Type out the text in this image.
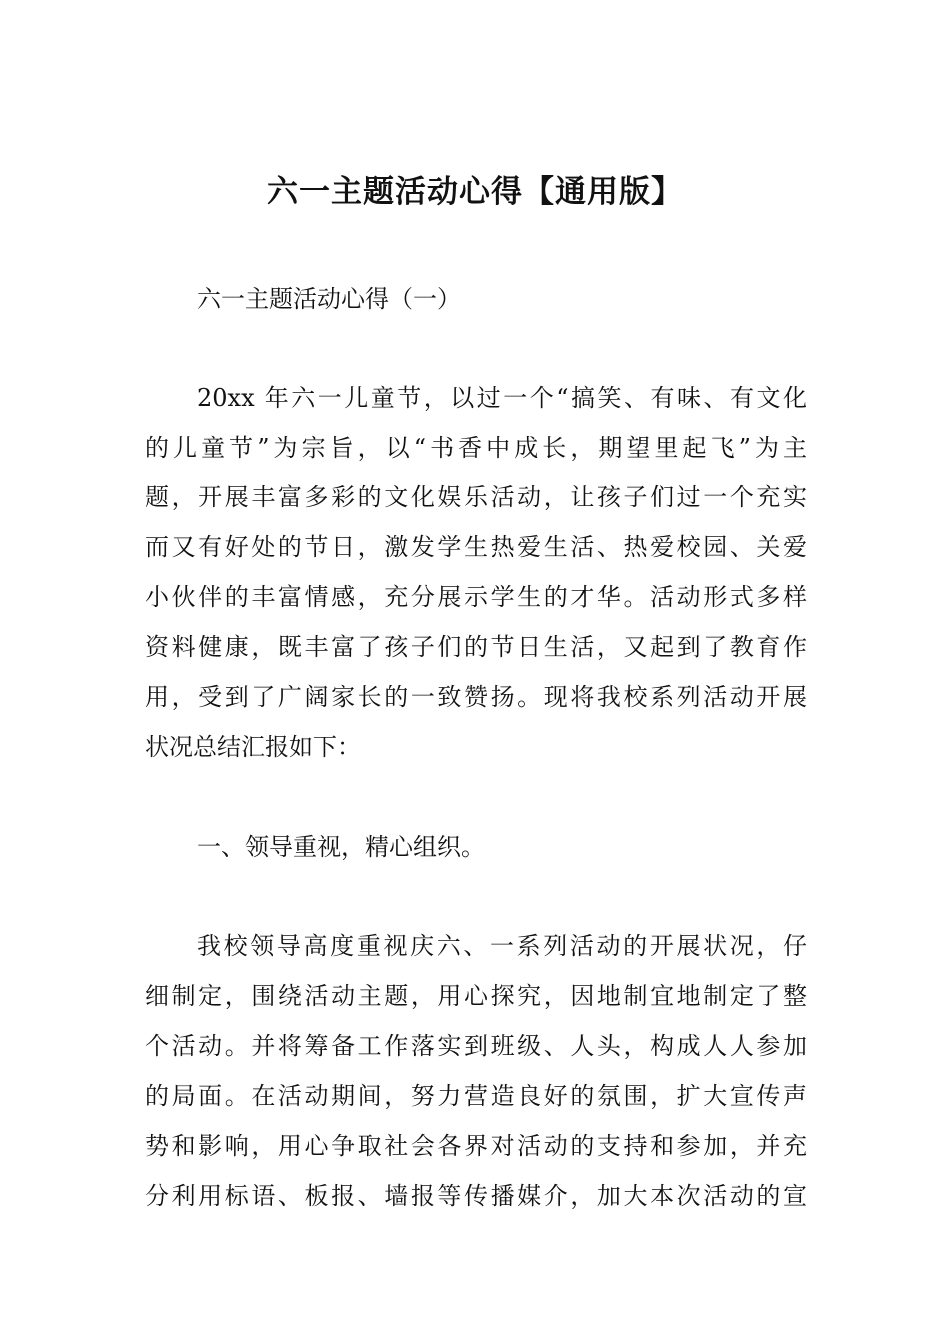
六一主题活动心得【通用版】
六一主题活动心得（一）
20xx 年六一儿童节，以过一个“搞笑、有味、有文化
的儿童节”为宗旨，以“书香中成长，期望里起飞”为主
题，开展丰富多彩的文化娱乐活动，让孩子们过一个充实
而又有好处的节日，激发学生热爱生活、热爱校园、关爱
小伙伴的丰富情感，充分展示学生的才华。活动形式多样
资料健康，既丰富了孩子们的节日生活，又起到了教育作
用，受到了广阔家长的一致赞扬。现将我校系列活动开展
状况总结汇报如下：
一、领导重视，精心组织。
我校领导高度重视庆六、一系列活动的开展状况，仔
细制定，围绕活动主题，用心探究，因地制宜地制定了整
个活动。并将筹备工作落实到班级、人头，构成人人参加
的局面。在活动期间，努力营造良好的氛围，扩大宣传声
势和影响，用心争取社会各界对活动的支持和参加，并充
分利用标语、板报、墙报等传播媒介，加大本次活动的宣
